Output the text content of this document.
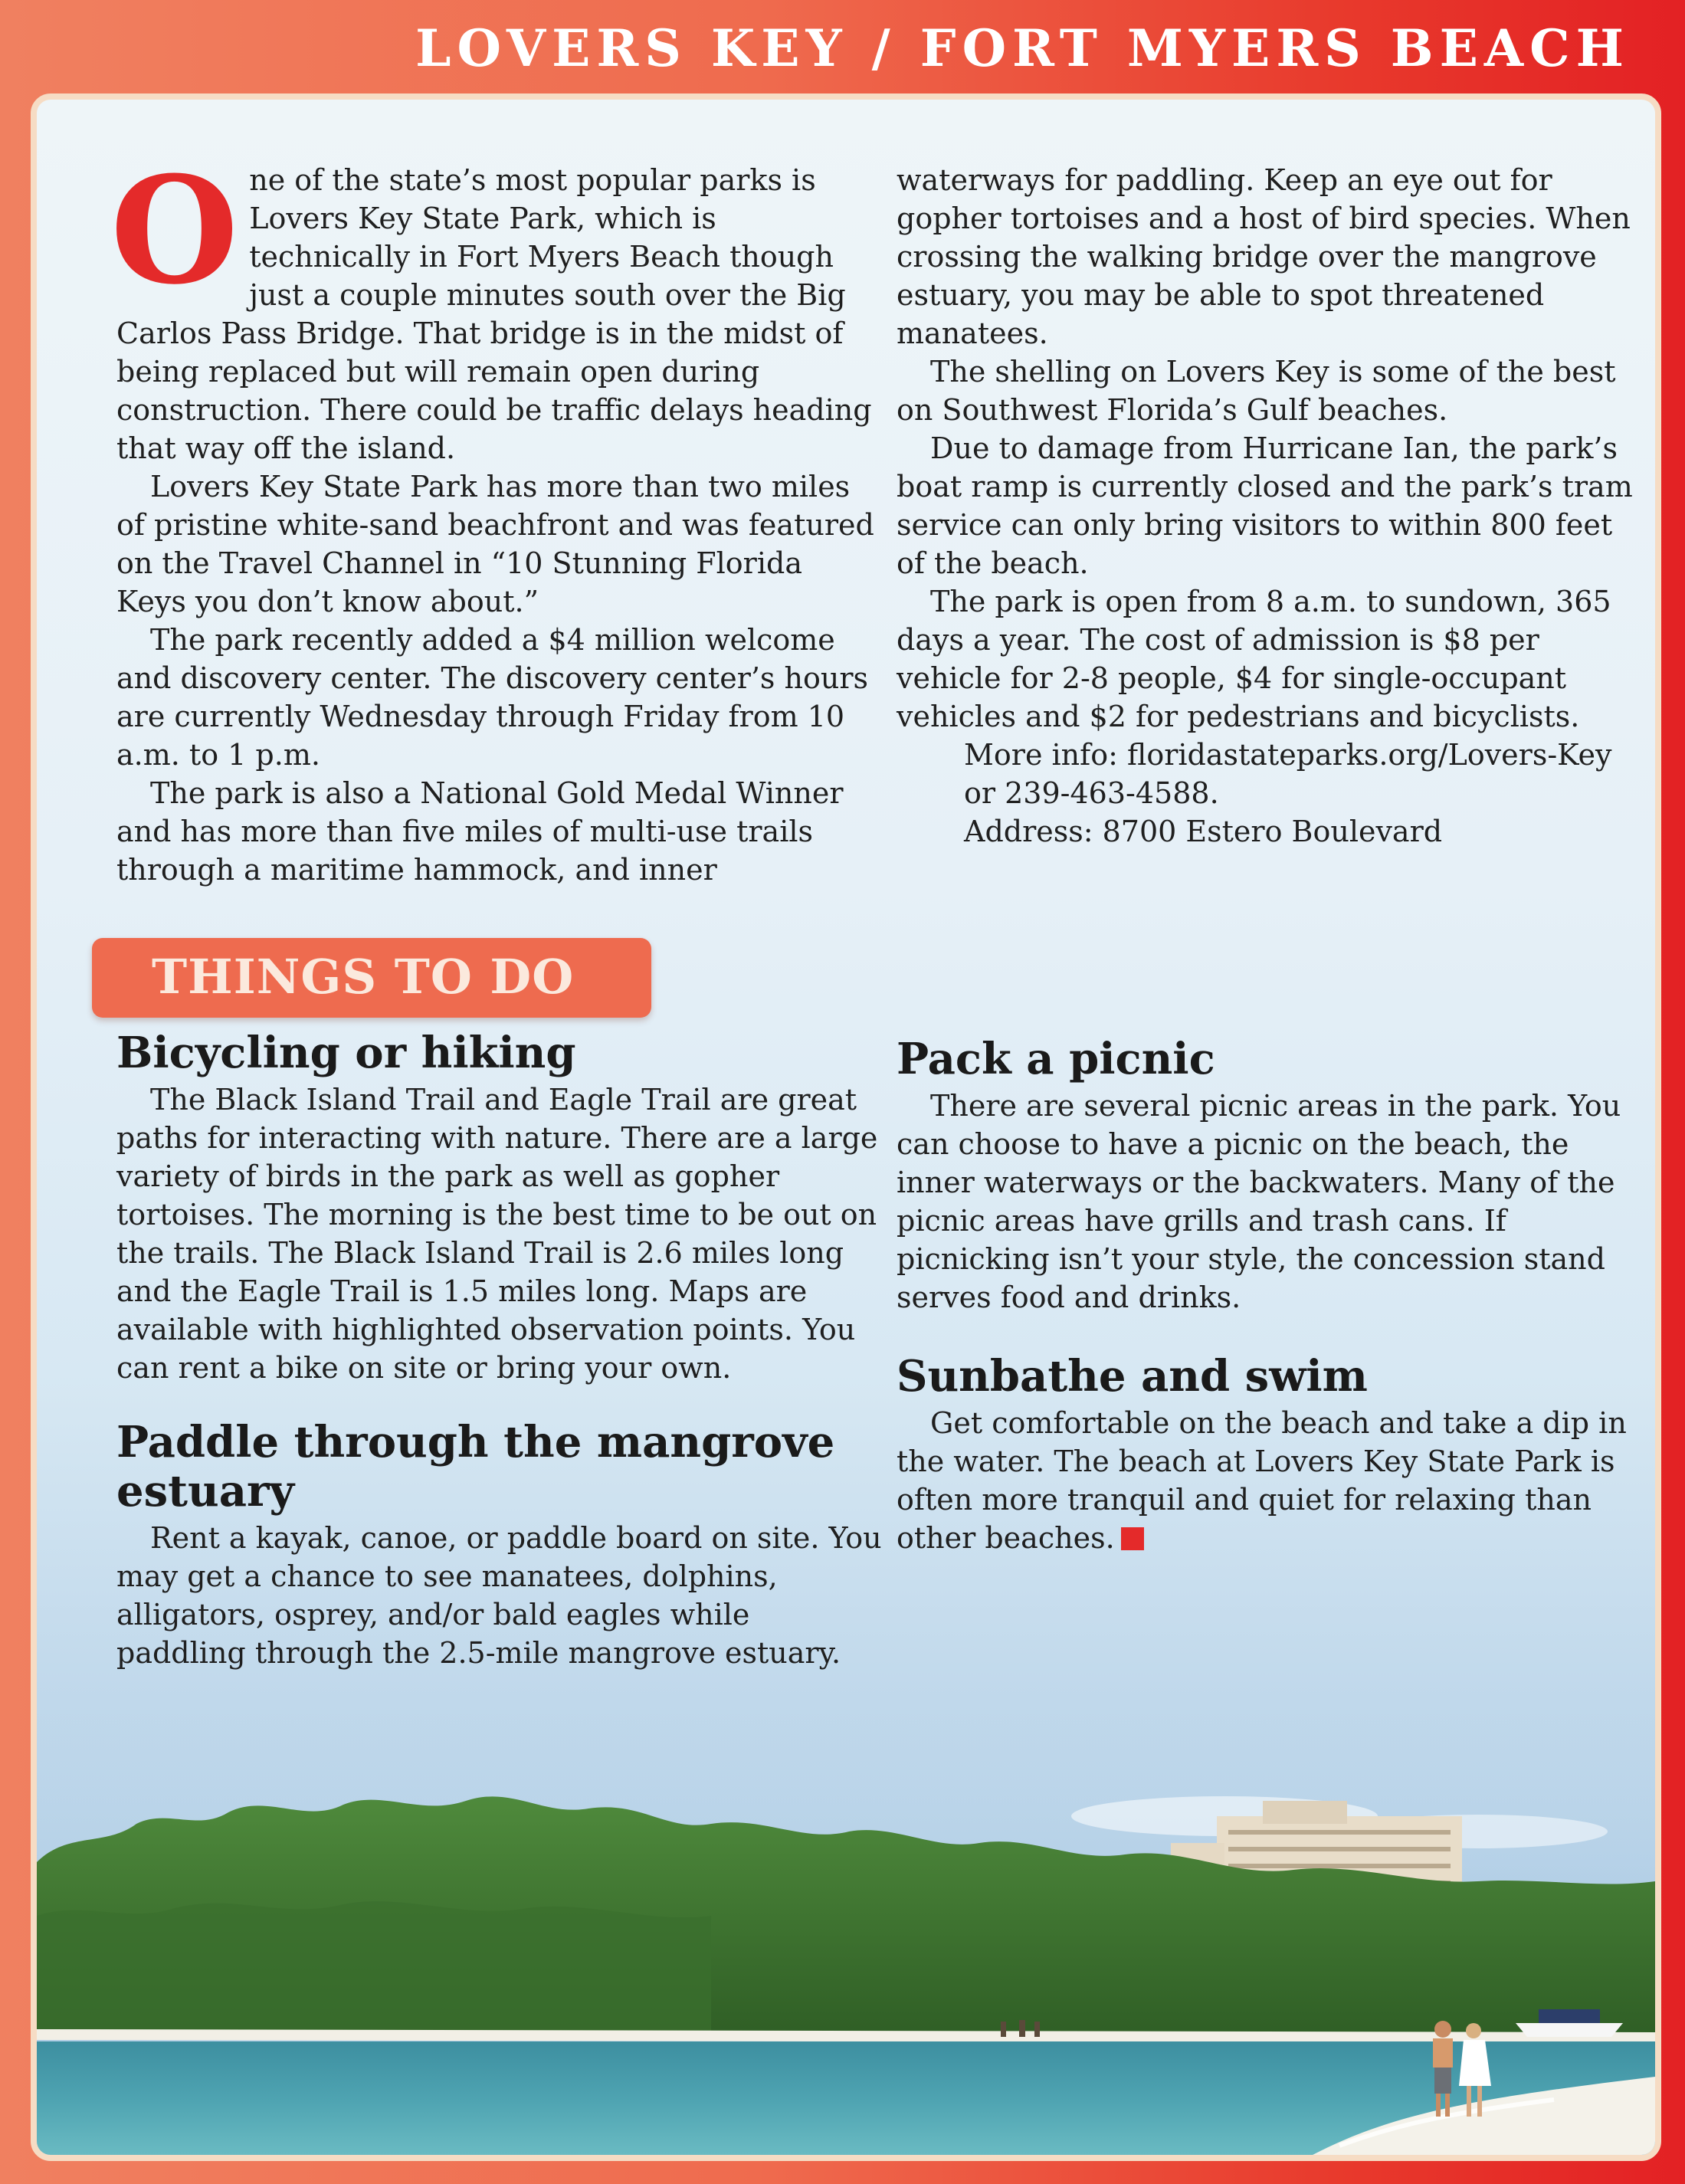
LOVERS KEY / FORT MYERS BEACH

One of the state’s most popular parks is Lovers Key State Park, which is technically in Fort Myers Beach though just a couple minutes south over the Big Carlos Pass Bridge. That bridge is in the midst of being replaced but will remain open during construction. There could be traffic delays heading that way off the island.

Lovers Key State Park has more than two miles of pristine white-sand beachfront and was featured on the Travel Channel in “10 Stunning Florida Keys you don’t know about.”

The park recently added a $4 million welcome and discovery center. The discovery center’s hours are currently Wednesday through Friday from 10 a.m. to 1 p.m.

The park is also a National Gold Medal Winner and has more than five miles of multi-use trails through a maritime hammock, and inner

waterways for paddling. Keep an eye out for gopher tortoises and a host of bird species. When crossing the walking bridge over the mangrove estuary, you may be able to spot threatened manatees.

The shelling on Lovers Key is some of the best on Southwest Florida’s Gulf beaches.

Due to damage from Hurricane Ian, the park’s boat ramp is currently closed and the park’s tram service can only bring visitors to within 800 feet of the beach.

The park is open from 8 a.m. to sundown, 365 days a year. The cost of admission is $8 per vehicle for 2-8 people, $4 for single-occupant vehicles and $2 for pedestrians and bicyclists.

More info: floridastateparks.org/Lovers-Key

or 239-463-4588.

Address: 8700 Estero Boulevard

THINGS TO DO
Bicycling or hiking

The Black Island Trail and Eagle Trail are great paths for interacting with nature. There are a large variety of birds in the park as well as gopher tortoises. The morning is the best time to be out on the trails. The Black Island Trail is 2.6 miles long and the Eagle Trail is 1.5 miles long. Maps are available with highlighted observation points. You can rent a bike on site or bring your own.

Paddle through the mangrove estuary

Rent a kayak, canoe, or paddle board on site. You may get a chance to see manatees, dolphins, alligators, osprey, and/or bald eagles while paddling through the 2.5-mile mangrove estuary.

Pack a picnic

There are several picnic areas in the park. You can choose to have a picnic on the beach, the inner waterways or the backwaters. Many of the picnic areas have grills and trash cans. If picnicking isn’t your style, the concession stand serves food and drinks.

Sunbathe and swim

Get comfortable on the beach and take a dip in the water. The beach at Lovers Key State Park is often more tranquil and quiet for relaxing than other beaches.
